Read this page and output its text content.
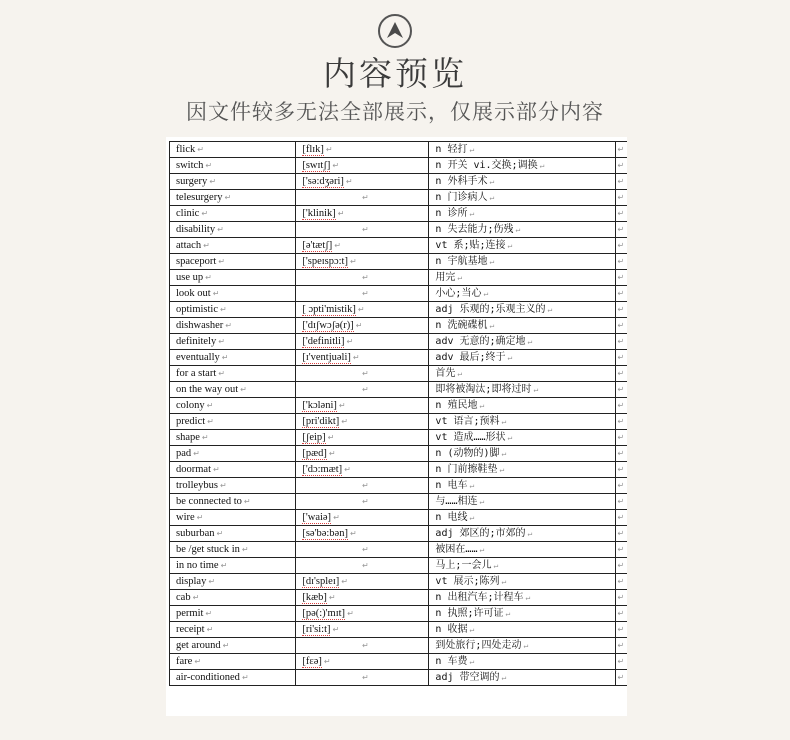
内容预览
因文件较多无法全部展示，仅展示部分内容
flick ↵	[flɪk] ↵	n 轻打 ↵	↵
switch ↵	[swɪtʃ] ↵	n 开关 vi.交换;调换 ↵	↵
surgery ↵	['sə:dʒəri] ↵	n 外科手术 ↵	↵
telesurgery ↵	↵	n 门诊病人 ↵	↵
clinic ↵	['klinik] ↵	n 诊所 ↵	↵
disability ↵	↵	n 失去能力;伤残 ↵	↵
attach ↵	[ə'tætʃ] ↵	vt 系;贴;连接 ↵	↵
spaceport ↵	['speɪspɔ:t] ↵	n 宇航基地 ↵	↵
use up ↵	↵	用完 ↵	↵
look out ↵	↵	小心;当心 ↵	↵
optimistic ↵	[ ɔpti'mistik] ↵	adj 乐观的;乐观主义的 ↵	↵
dishwasher ↵	['dɪʃwɔʃə(r)] ↵	n 洗碗碟机 ↵	↵
definitely ↵	['definitli] ↵	adv 无意的;确定地 ↵	↵
eventually ↵	[ɪ'ventjuəli] ↵	adv 最后;终于 ↵	↵
for a start ↵	↵	首先 ↵	↵
on the way out ↵	↵	即将被淘汰;即将过时 ↵	↵
colony ↵	['kɔləni] ↵	n 殖民地 ↵	↵
predict ↵	[pri'dikt] ↵	vt 语言;预料 ↵	↵
shape ↵	[ʃeip] ↵	vt 造成……形状 ↵	↵
pad ↵	[pæd] ↵	n (动物的)脚 ↵	↵
doormat ↵	['dɔ:mæt] ↵	n 门前擦鞋垫 ↵	↵
trolleybus ↵	↵	n 电车 ↵	↵
be connected to ↵	↵	与……相连 ↵	↵
wire ↵	['waiə] ↵	n 电线 ↵	↵
suburban ↵	[sə'bə:bən] ↵	adj 郊区的;市郊的 ↵	↵
be /get stuck in ↵	↵	被困在…… ↵	↵
in no time ↵	↵	马上;一会儿 ↵	↵
display ↵	[dɪ'spleɪ] ↵	vt 展示;陈列 ↵	↵
cab ↵	[kæb] ↵	n 出租汽车;计程车 ↵	↵
permit ↵	[pə(:)'mɪt] ↵	n 执照;许可证 ↵	↵
receipt ↵	[ri'si:t] ↵	n 收据 ↵	↵
get around ↵	↵	到处旅行;四处走动 ↵	↵
fare ↵	[fɛə] ↵	n 车费 ↵	↵
air-conditioned ↵	↵	adj 带空调的 ↵	↵
